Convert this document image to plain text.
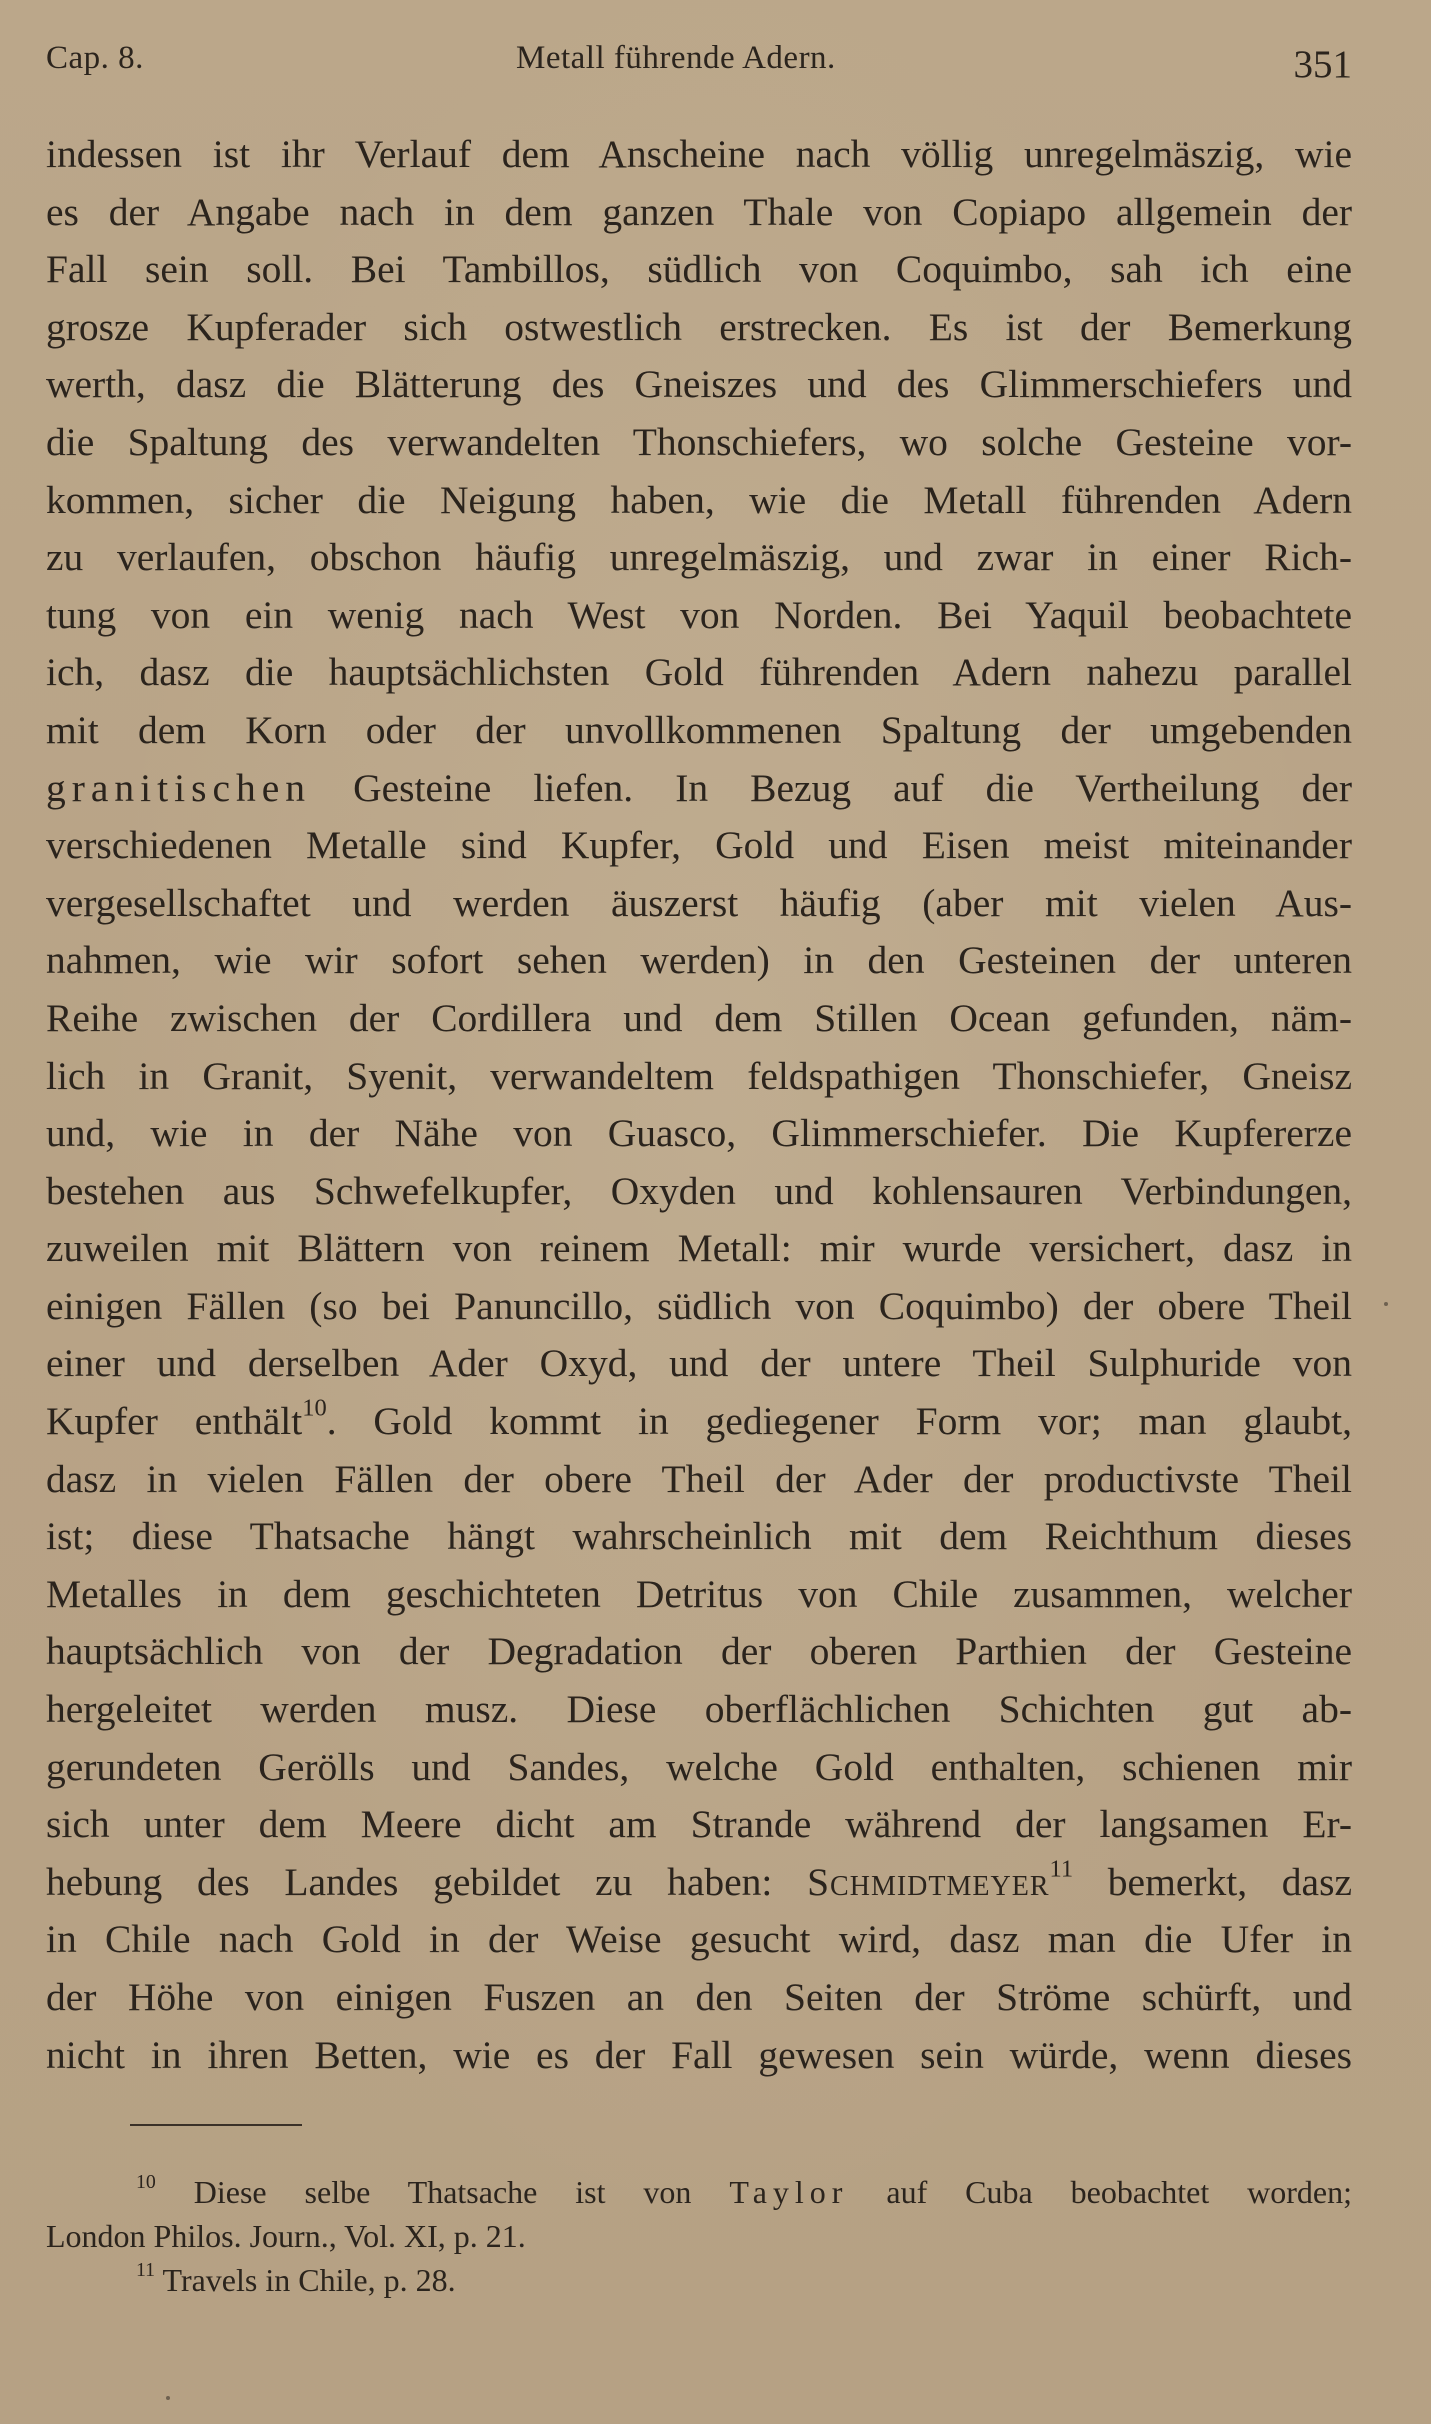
Cap. 8.	Metall führende Adern.	351
indessen ist ihr Verlauf dem Anscheine nach völlig unregelmäszig, wie
es der Angabe nach in dem ganzen Thale von Copiapo allgemein der
Fall sein soll. Bei Tambillos, südlich von Coquimbo, sah ich eine
grosze Kupferader sich ostwestlich erstrecken. Es ist der Bemerkung
werth, dasz die Blätterung des Gneiszes und des Glimmerschiefers und
die Spaltung des verwandelten Thonschiefers, wo solche Gesteine vor-
kommen, sicher die Neigung haben, wie die Metall führenden Adern
zu verlaufen, obschon häufig unregelmäszig, und zwar in einer Rich-
tung von ein wenig nach West von Norden. Bei Yaquil beobachtete
ich, dasz die hauptsächlichsten Gold führenden Adern nahezu parallel
mit dem Korn oder der unvollkommenen Spaltung der umgebenden
granitischen Gesteine liefen. In Bezug auf die Vertheilung der
verschiedenen Metalle sind Kupfer, Gold und Eisen meist miteinander
vergesellschaftet und werden äuszerst häufig (aber mit vielen Aus-
nahmen, wie wir sofort sehen werden) in den Gesteinen der unteren
Reihe zwischen der Cordillera und dem Stillen Ocean gefunden, näm-
lich in Granit, Syenit, verwandeltem feldspathigen Thonschiefer, Gneisz
und, wie in der Nähe von Guasco, Glimmerschiefer. Die Kupfererze
bestehen aus Schwefelkupfer, Oxyden und kohlensauren Verbindungen,
zuweilen mit Blättern von reinem Metall: mir wurde versichert, dasz in
einigen Fällen (so bei Panuncillo, südlich von Coquimbo) der obere Theil
einer und derselben Ader Oxyd, und der untere Theil Sulphuride von
Kupfer enthält$^{10}$. Gold kommt in gediegener Form vor; man glaubt,
dasz in vielen Fällen der obere Theil der Ader der productivste Theil
ist; diese Thatsache hängt wahrscheinlich mit dem Reichthum dieses
Metalles in dem geschichteten Detritus von Chile zusammen, welcher
hauptsächlich von der Degradation der oberen Parthien der Gesteine
hergeleitet werden musz. Diese oberflächlichen Schichten gut ab-
gerundeten Gerölls und Sandes, welche Gold enthalten, schienen mir
sich unter dem Meere dicht am Strande während der langsamen Er-
hebung des Landes gebildet zu haben: Schmidtmeyer$^{11}$ bemerkt, dasz
in Chile nach Gold in der Weise gesucht wird, dasz man die Ufer in
der Höhe von einigen Fuszen an den Seiten der Ströme schürft, und
nicht in ihren Betten, wie es der Fall gewesen sein würde, wenn dieses
$^{10}$ Diese selbe Thatsache ist von Taylor auf Cuba beobachtet worden;
London Philos. Journ., Vol. XI, p. 21.
$^{11}$ Travels in Chile, p. 28.
